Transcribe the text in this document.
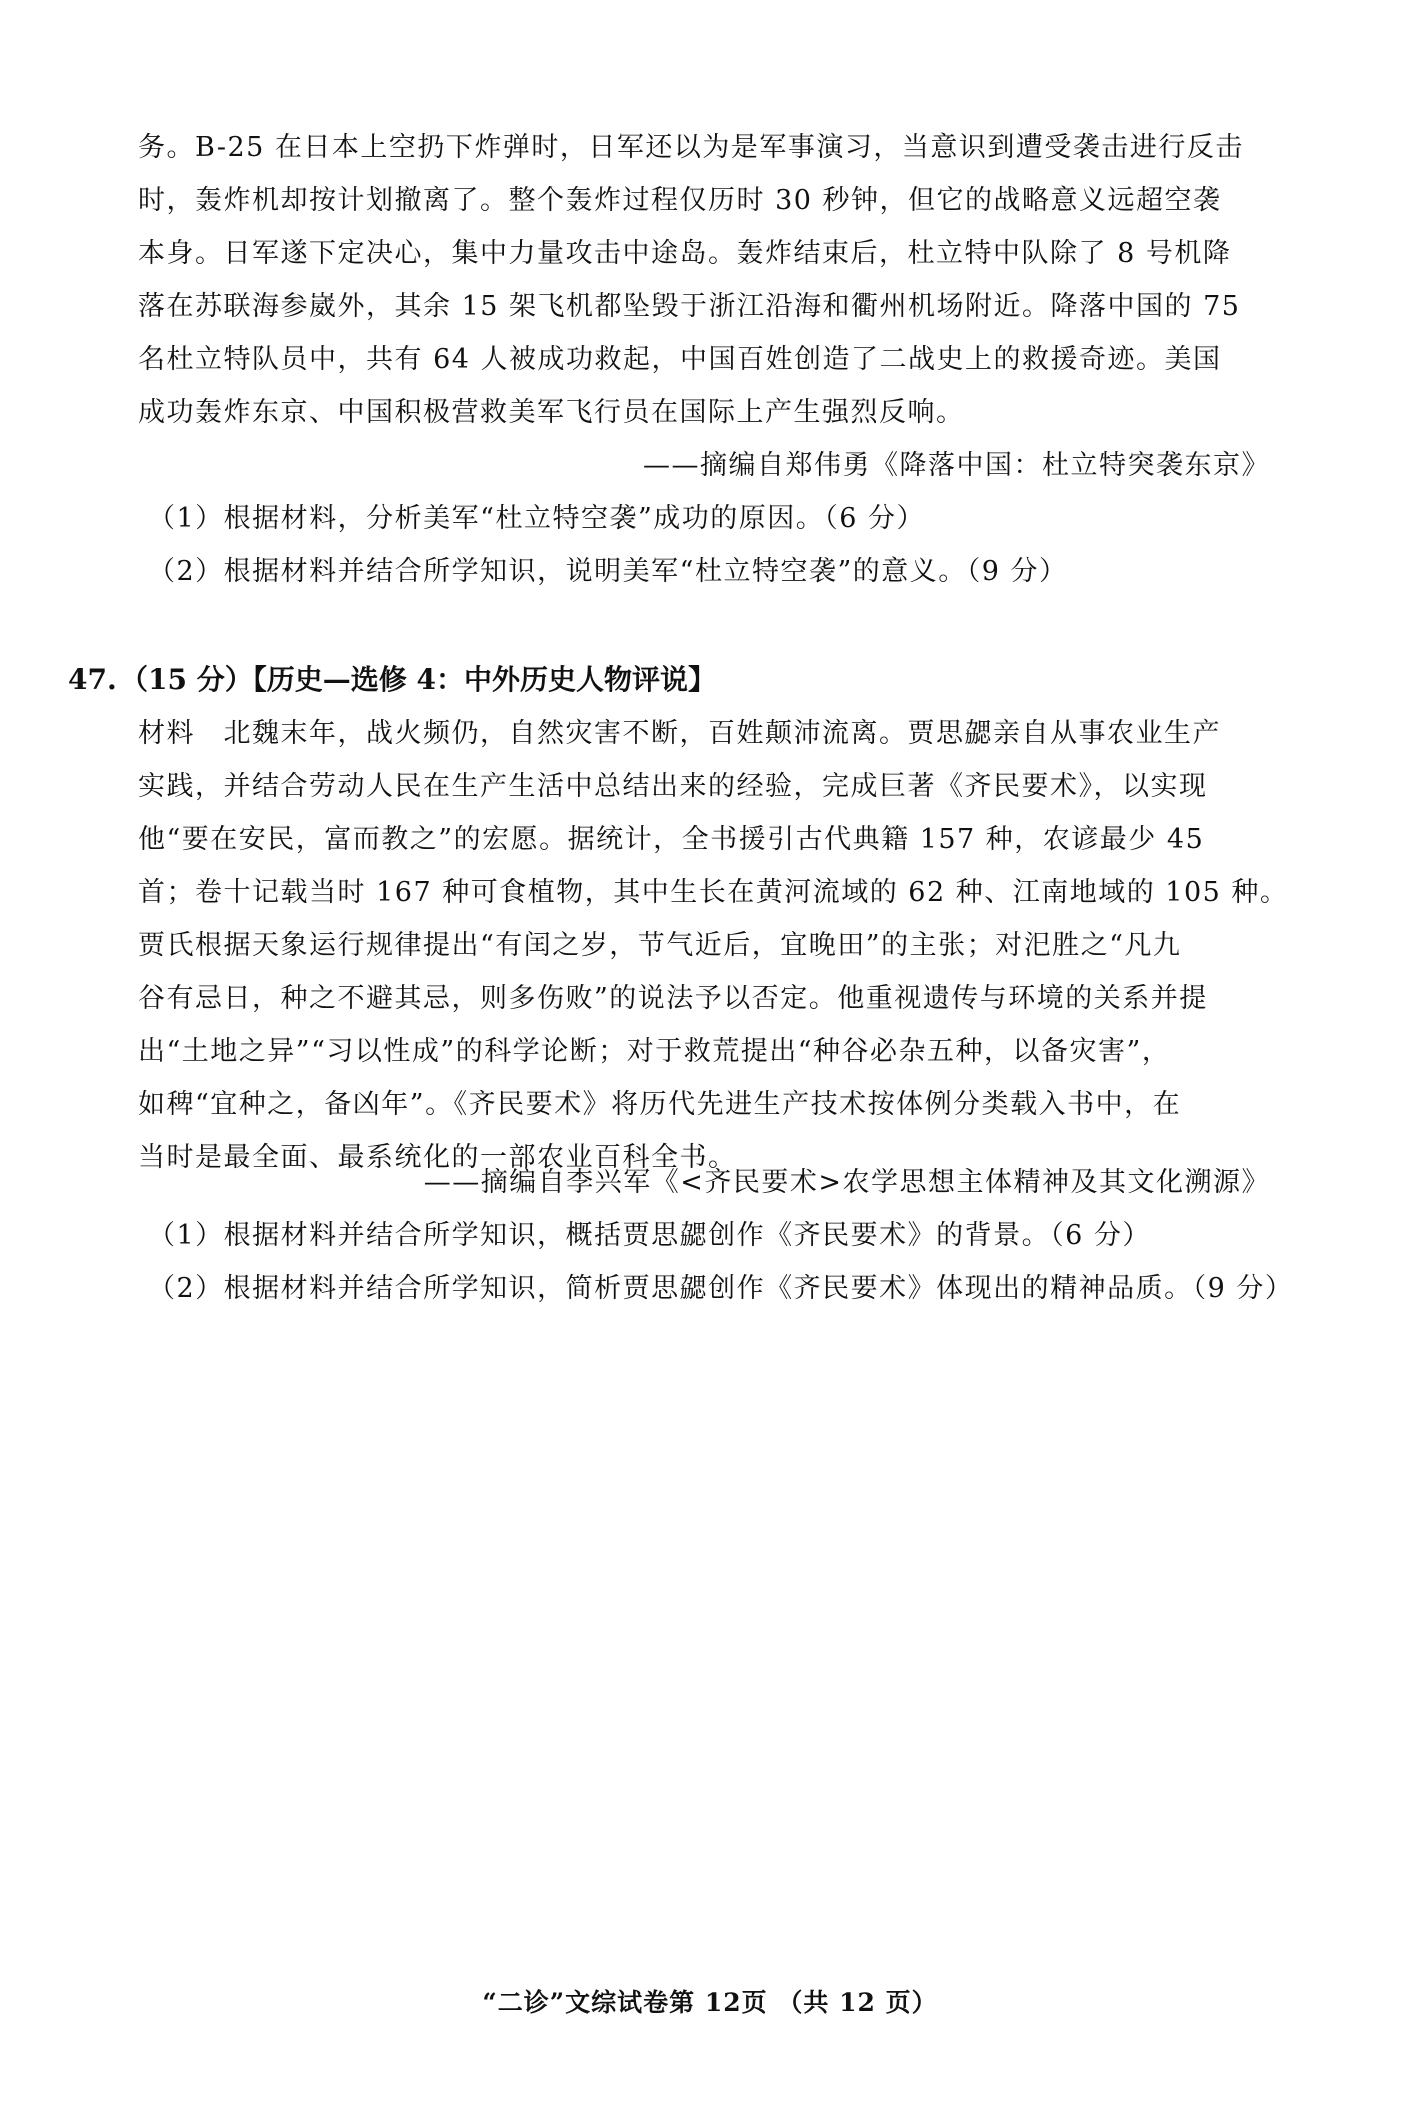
务。B-25 在日本上空扔下炸弹时，日军还以为是军事演习，当意识到遭受袭击进行反击
时，轰炸机却按计划撤离了。整个轰炸过程仅历时 30 秒钟，但它的战略意义远超空袭
本身。日军遂下定决心，集中力量攻击中途岛。轰炸结束后，杜立特中队除了 8 号机降
落在苏联海参崴外，其余 15 架飞机都坠毁于浙江沿海和衢州机场附近。降落中国的 75
名杜立特队员中，共有 64 人被成功救起，中国百姓创造了二战史上的救援奇迹。美国
成功轰炸东京、中国积极营救美军飞行员在国际上产生强烈反响。
——摘编自郑伟勇《降落中国：杜立特突袭东京》
（1）根据材料，分析美军“杜立特空袭”成功的原因。（6 分）
（2）根据材料并结合所学知识，说明美军“杜立特空袭”的意义。（9 分）
47. （15 分）【历史—选修 4：中外历史人物评说】
材料　北魏末年，战火频仍，自然灾害不断，百姓颠沛流离。贾思勰亲自从事农业生产
实践，并结合劳动人民在生产生活中总结出来的经验，完成巨著《齐民要术》，以实现
他“要在安民，富而教之”的宏愿。据统计，全书援引古代典籍 157 种，农谚最少 45
首；卷十记载当时 167 种可食植物，其中生长在黄河流域的 62 种、江南地域的 105 种。
贾氏根据天象运行规律提出“有闰之岁，节气近后，宜晚田”的主张；对汜胜之“凡九
谷有忌日，种之不避其忌，则多伤败”的说法予以否定。他重视遗传与环境的关系并提
出“土地之异”“习以性成”的科学论断；对于救荒提出“种谷必杂五种，以备灾害”，
如稗“宜种之，备凶年”。《齐民要术》将历代先进生产技术按体例分类载入书中，在
当时是最全面、最系统化的一部农业百科全书。
——摘编自李兴军《<齐民要术>农学思想主体精神及其文化溯源》
（1）根据材料并结合所学知识，概括贾思勰创作《齐民要术》的背景。（6 分）
（2）根据材料并结合所学知识，简析贾思勰创作《齐民要术》体现出的精神品质。（9 分）
“二诊”文综试卷第 12页 （共 12 页）
